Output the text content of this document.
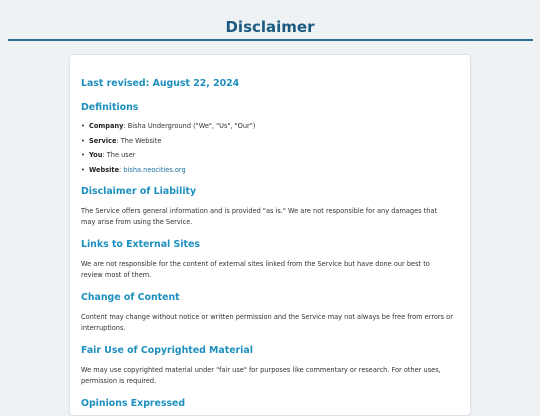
Disclaimer
Last revised: August 22, 2024
Definitions
• Company: Bisha Underground ("We", "Us", "Our")
• Service: The Website
• You: The user
• Website: bisha.neocities.org
Disclaimer of Liability
The Service offers general information and is provided "as is." We are not responsible for any damages that may arise from using the Service.
Links to External Sites
We are not responsible for the content of external sites linked from the Service but have done our best to review most of them.
Change of Content
Content may change without notice or written permission and the Service may not always be free from errors or interruptions.
Fair Use of Copyrighted Material
We may use copyrighted material under "fair use" for purposes like commentary or research. For other uses, permission is required.
Opinions Expressed
